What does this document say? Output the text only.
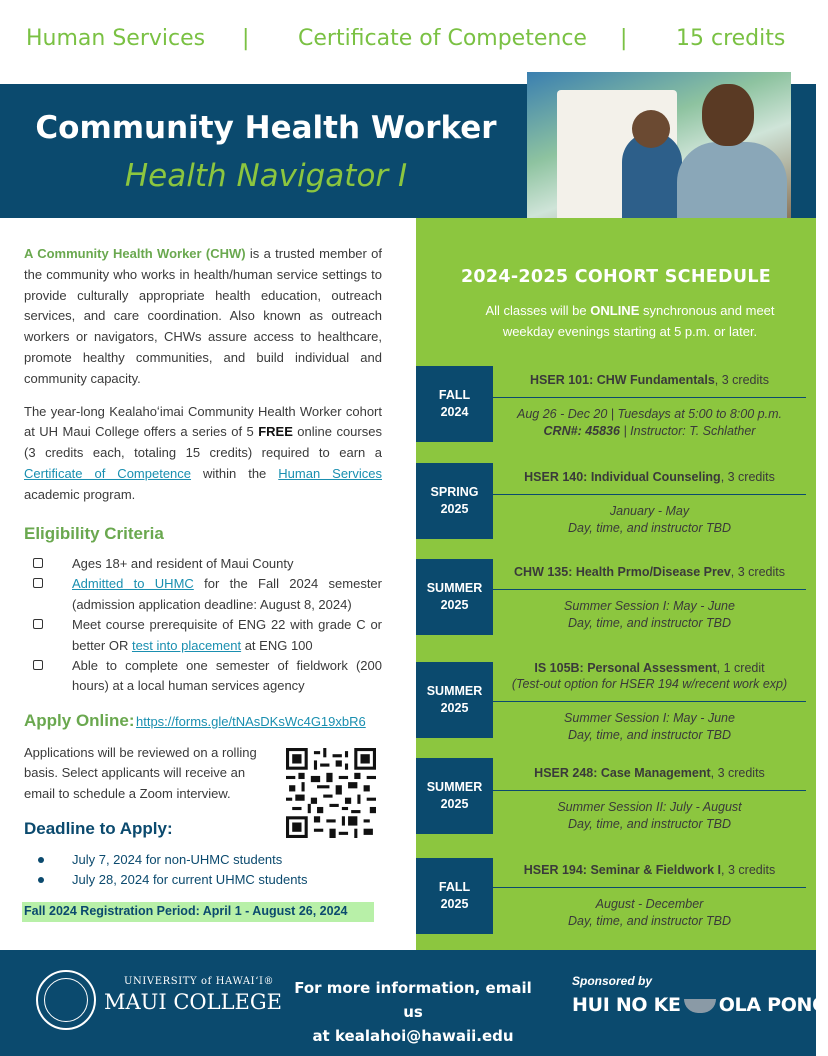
Human Services | Certificate of Competence | 15 credits
Community Health Worker
Health Navigator I

A Community Health Worker (CHW) is a trusted member of the community who works in health/human service settings to provide culturally appropriate health education, outreach services, and care coordination. Also known as outreach workers or navigators, CHWs assure access to healthcare, promote healthy communities, and build individual and community capacity.

The year-long Kealahoʻimai Community Health Worker cohort at UH Maui College offers a series of 5 FREE online courses (3 credits each, totaling 15 credits) required to earn a Certificate of Competence within the Human Services academic program.

Eligibility Criteria
Ages 18+ and resident of Maui County
Admitted to UHMC for the Fall 2024 semester (admission application deadline: August 8, 2024)
Meet course prerequisite of ENG 22 with grade C or better OR test into placement at ENG 100
Able to complete one semester of fieldwork (200 hours) at a local human services agency
Apply Online: https://forms.gle/tNAsDKsWc4G19xbR6
Applications will be reviewed on a rolling basis. Select applicants will receive an email to schedule a Zoom interview.
Deadline to Apply:
July 7, 2024 for non-UHMC students
July 28, 2024 for current UHMC students
Fall 2024 Registration Period: April 1 - August 26, 2024
2024-2025 COHORT SCHEDULE
All classes will be ONLINE synchronous and meet weekday evenings starting at 5 p.m. or later.
FALL
2024
HSER 101: CHW Fundamentals, 3 credits
Aug 26 - Dec 20 | Tuesdays at 5:00 to 8:00 p.m.
CRN#: 45836 | Instructor: T. Schlather
SPRING
2025
HSER 140: Individual Counseling, 3 credits
January - May
Day, time, and instructor TBD
SUMMER
2025
CHW 135: Health Prmo/Disease Prev, 3 credits
Summer Session I: May - June
Day, time, and instructor TBD
SUMMER
2025
IS 105B: Personal Assessment, 1 credit
(Test-out option for HSER 194 w/recent work exp)
Summer Session I: May - June
Day, time, and instructor TBD
SUMMER
2025
HSER 248: Case Management, 3 credits
Summer Session II: July - August
Day, time, and instructor TBD
FALL
2025
HSER 194: Seminar & Fieldwork I, 3 credits
August - December
Day, time, and instructor TBD
UNIVERSITY of HAWAIʻI®
MAUI COLLEGE
For more information, email us
at kealahoi@hawaii.edu
Sponsored by
HUI NO KE OLA PONO
